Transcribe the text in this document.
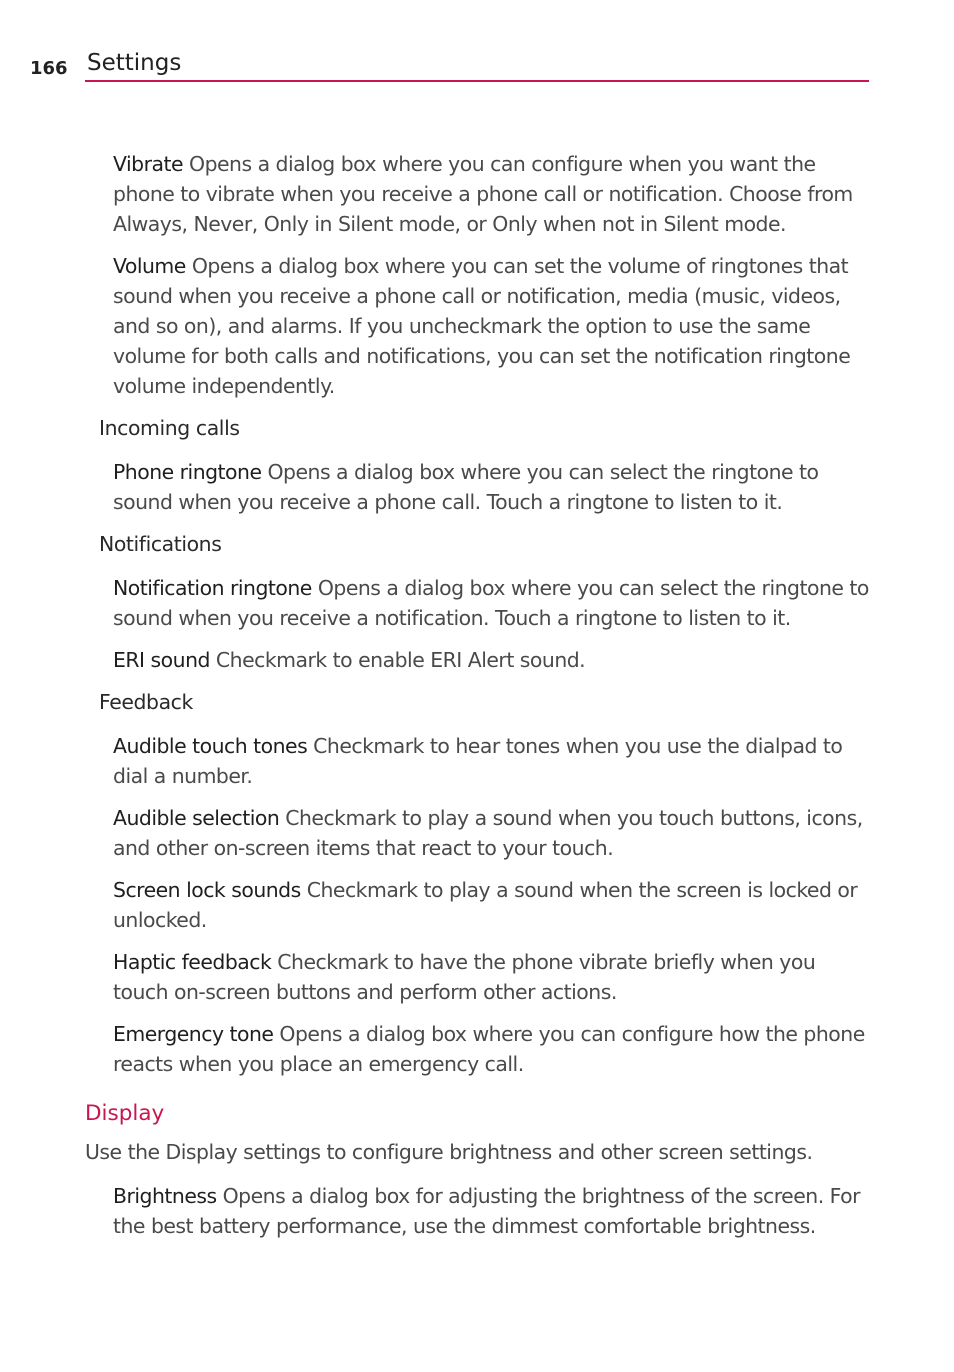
166 Settings
Vibrate Opens a dialog box where you can configure when you want the phone to vibrate when you receive a phone call or notification. Choose from Always, Never, Only in Silent mode, or Only when not in Silent mode.
Volume Opens a dialog box where you can set the volume of ringtones that sound when you receive a phone call or notification, media (music, videos, and so on), and alarms. If you uncheckmark the option to use the same volume for both calls and notifications, you can set the notification ringtone volume independently.
Incoming calls
Phone ringtone Opens a dialog box where you can select the ringtone to sound when you receive a phone call. Touch a ringtone to listen to it.
Notifications
Notification ringtone Opens a dialog box where you can select the ringtone to sound when you receive a notification. Touch a ringtone to listen to it.
ERI sound Checkmark to enable ERI Alert sound.
Feedback
Audible touch tones Checkmark to hear tones when you use the dialpad to dial a number.
Audible selection Checkmark to play a sound when you touch buttons, icons, and other on-screen items that react to your touch.
Screen lock sounds Checkmark to play a sound when the screen is locked or unlocked.
Haptic feedback Checkmark to have the phone vibrate briefly when you touch on-screen buttons and perform other actions.
Emergency tone Opens a dialog box where you can configure how the phone reacts when you place an emergency call.
Display
Use the Display settings to configure brightness and other screen settings.
Brightness Opens a dialog box for adjusting the brightness of the screen. For the best battery performance, use the dimmest comfortable brightness.
